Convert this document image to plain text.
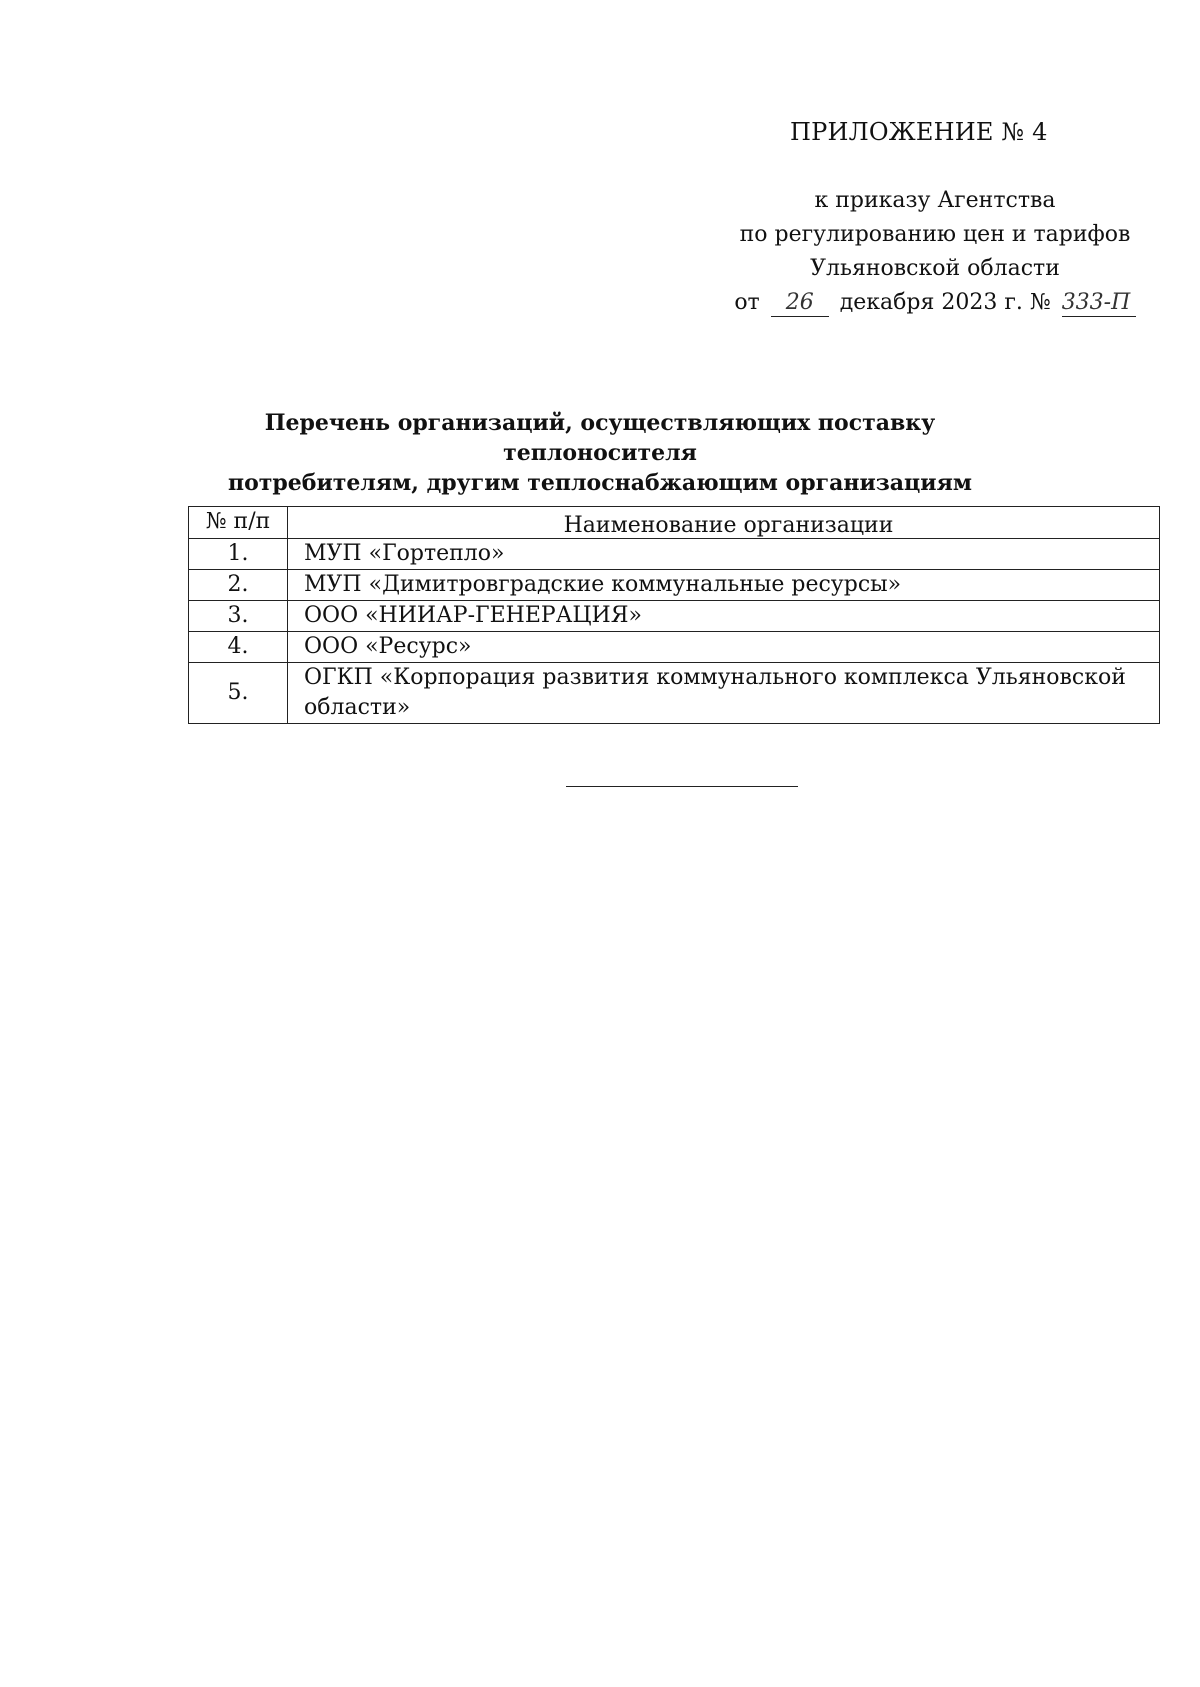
ПРИЛОЖЕНИЕ № 4
к приказу Агентства
по регулированию цен и тарифов
Ульяновской области
от 26 декабря 2023 г. № 333-П
Перечень организаций, осуществляющих поставку теплоносителя
потребителям, другим теплоснабжающим организациям
№ п/п	Наименование организации
1.	МУП «Гортепло»
2.	МУП «Димитровградские коммунальные ресурсы»
3.	ООО «НИИАР-ГЕНЕРАЦИЯ»
4.	ООО «Ресурс»
5.	ОГКП «Корпорация развития коммунального комплекса Ульяновской области»
